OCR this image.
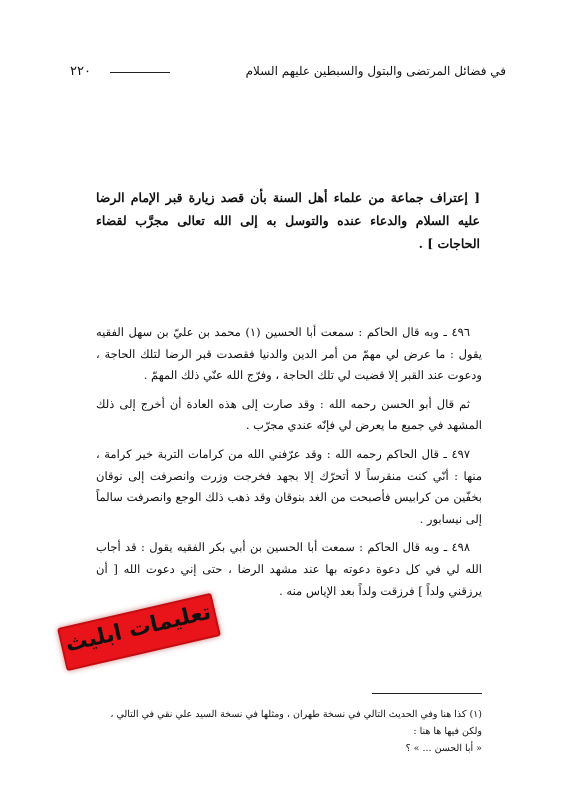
في فضائل المرتضى والبتول والسبطين عليهم السلام
٢٢٠
[ إعتراف جماعة من علماء أهل السنة بأن قصد زيارة قبر الإمام الرضا عليه السلام والدعاء عنده والتوسل به إلى الله تعالى مجرَّب لقضاء الحاجات ] .

٤٩٦ ـ وبه قال الحاكم : سمعت أبا الحسين (١) محمد بن عليّ بن سهل الفقيه يقول : ما عرض لي مهمّ من أمر الدين والدنيا فقصدت قبر الرضا لتلك الحاجة ، ودعوت عند القبر إلا قضيت لي تلك الحاجة ، وفرّج الله عنّي ذلك المهمّ .

ثم قال أبو الحسن رحمه الله : وقد صارت إلى هذه العادة أن أخرج إلى ذلك المشهد في جميع ما يعرض لي فإنّه عندي مجرّب .

٤٩٧ ـ قال الحاكم رحمه الله : وقد عرّفني الله من كرامات التربة خير كرامة ، منها : أنّي كنت منقرساً لا أتحرّك إلا بجهد فخرجت وزرت وانصرفت إلى نوقان بخفّين من كرابيس فأصبحت من الغد بنوقان وقد ذهب ذلك الوجع وانصرفت سالماً إلى نيسابور .

٤٩٨ ـ وبه قال الحاكم : سمعت أبا الحسين بن أبي بكر الفقيه يقول : قد أجاب الله لي في كل دعوة دعوته بها عند مشهد الرضا ، حتى إني دعوت الله [ أن يرزقني ولداً ] فرزقت ولداً بعد الإياس منه .

(١) كذا هنا وفي الحديث التالي في نسخة طهران ، ومثلها في نسخة السيد علي نقي في التالي ، ولكن فيها ها هنا :

« أبا الحسن ... » ؟

تعليمات ابليث
